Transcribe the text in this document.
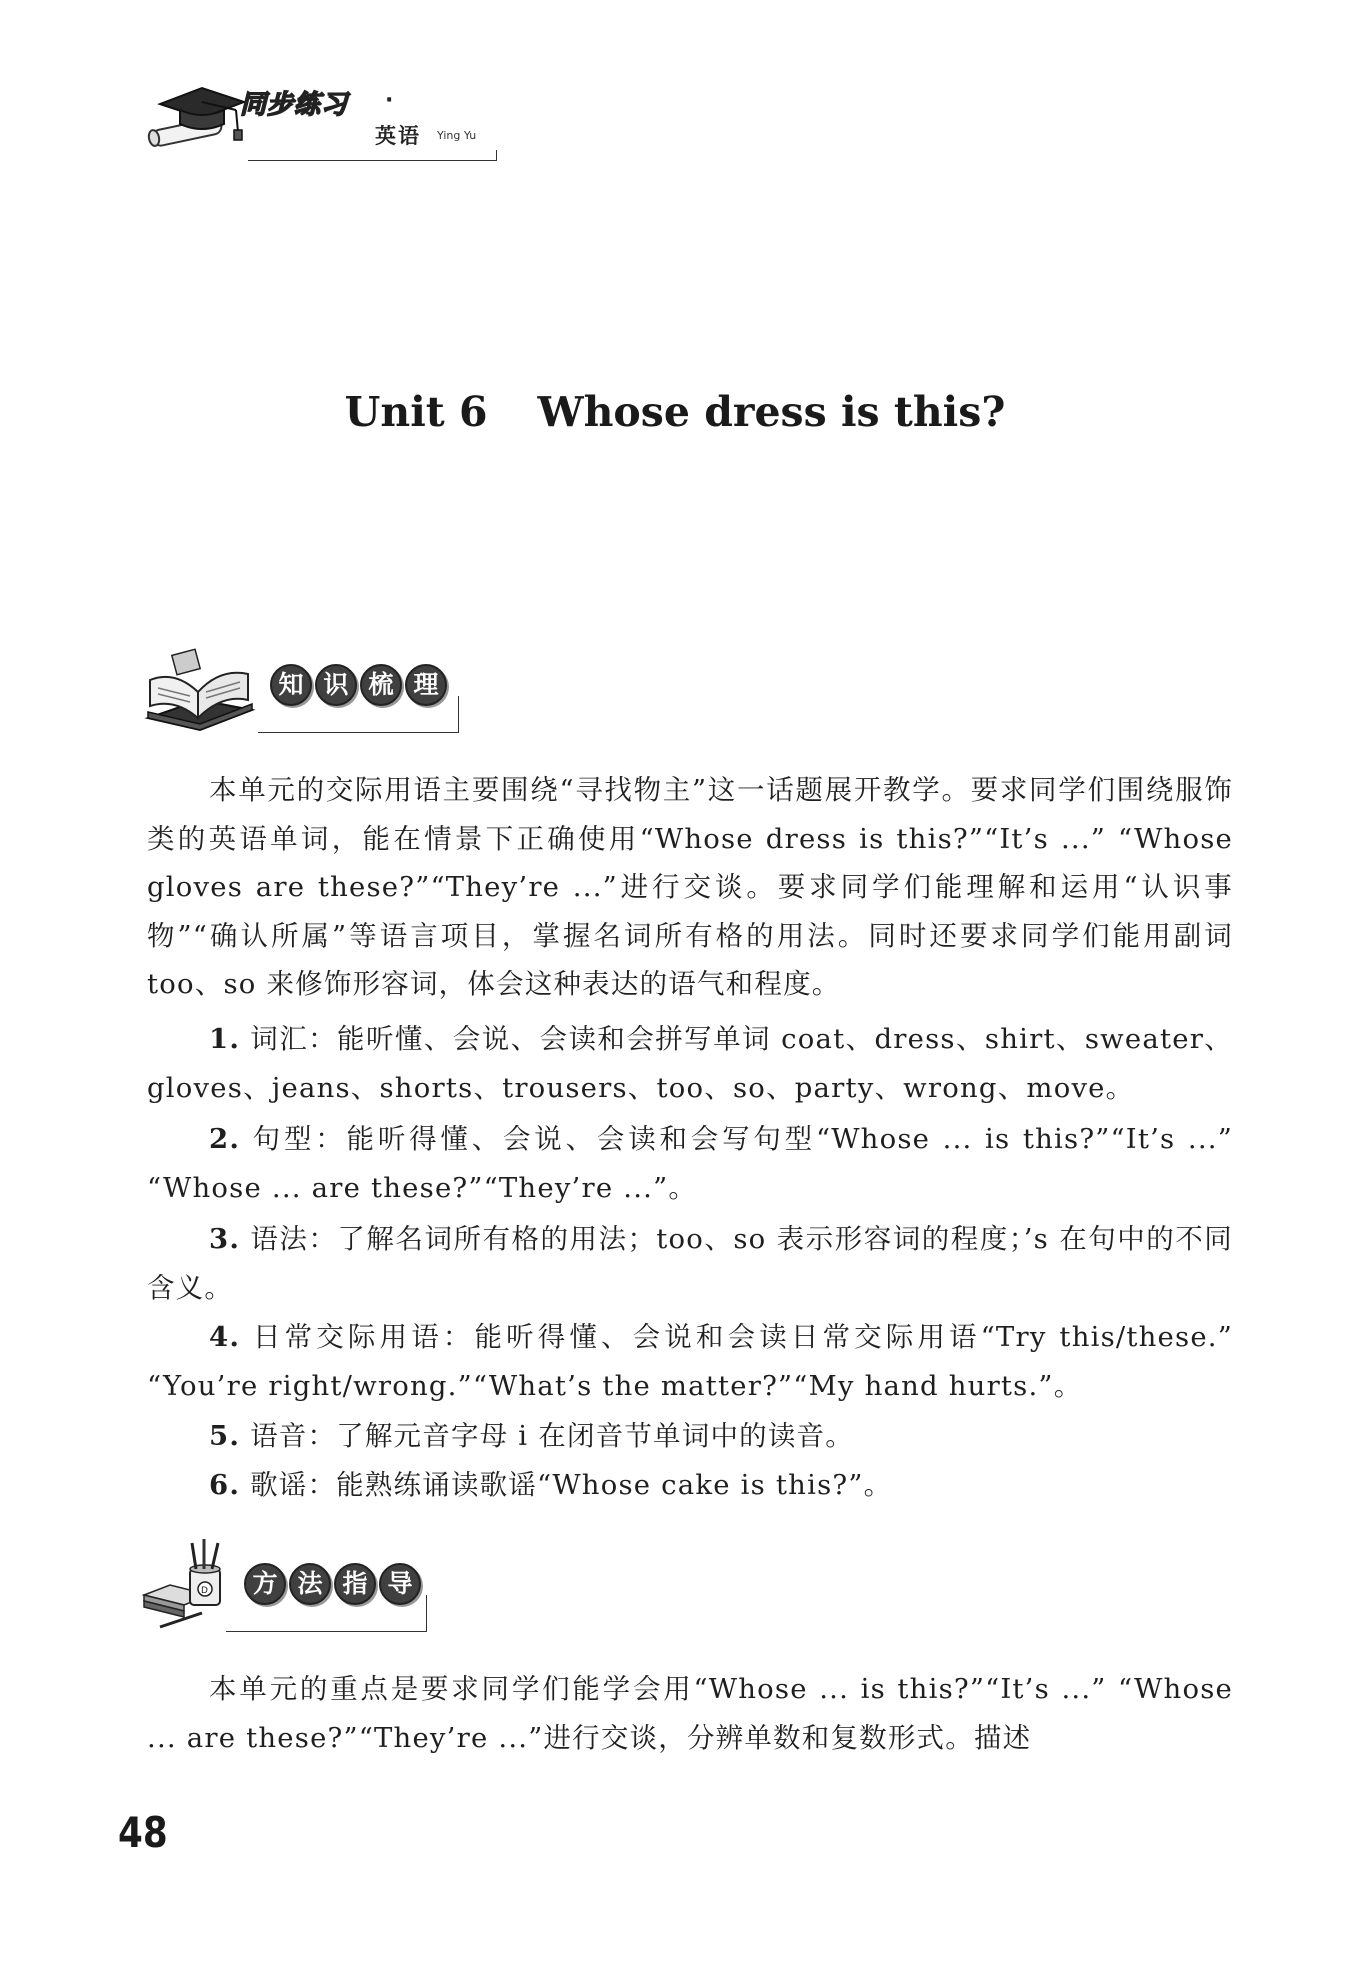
同步练习 ·
英语 Ying Yu
Unit 6 Whose dress is this?
知 识 梳 理

本单元的交际用语主要围绕“寻找物主”这一话题展开教学。要求同学们围绕服饰类的英语单词，能在情景下正确使用“Whose dress is this?”“It’s ...” “Whose gloves are these?”“They’re ...”进行交谈。要求同学们能理解和运用“认识事物”“确认所属”等语言项目，掌握名词所有格的用法。同时还要求同学们能用副词 too、so 来修饰形容词，体会这种表达的语气和程度。

1. 词汇：能听懂、会说、会读和会拼写单词 coat、dress、shirt、sweater、gloves、jeans、shorts、trousers、too、so、party、wrong、move。

2. 句型：能听得懂、会说、会读和会写句型“Whose ... is this?”“It’s ...” “Whose ... are these?”“They’re ...”。

3. 语法：了解名词所有格的用法；too、so 表示形容词的程度；’s 在句中的不同含义。

4. 日常交际用语：能听得懂、会说和会读日常交际用语“Try this/these.” “You’re right/wrong.”“What’s the matter?”“My hand hurts.”。

5. 语音：了解元音字母 i 在闭音节单词中的读音。

6. 歌谣：能熟练诵读歌谣“Whose cake is this?”。

D	方 法 指 导

本单元的重点是要求同学们能学会用“Whose ... is this?”“It’s ...” “Whose ... are these?”“They’re ...”进行交谈，分辨单数和复数形式。描述

48
